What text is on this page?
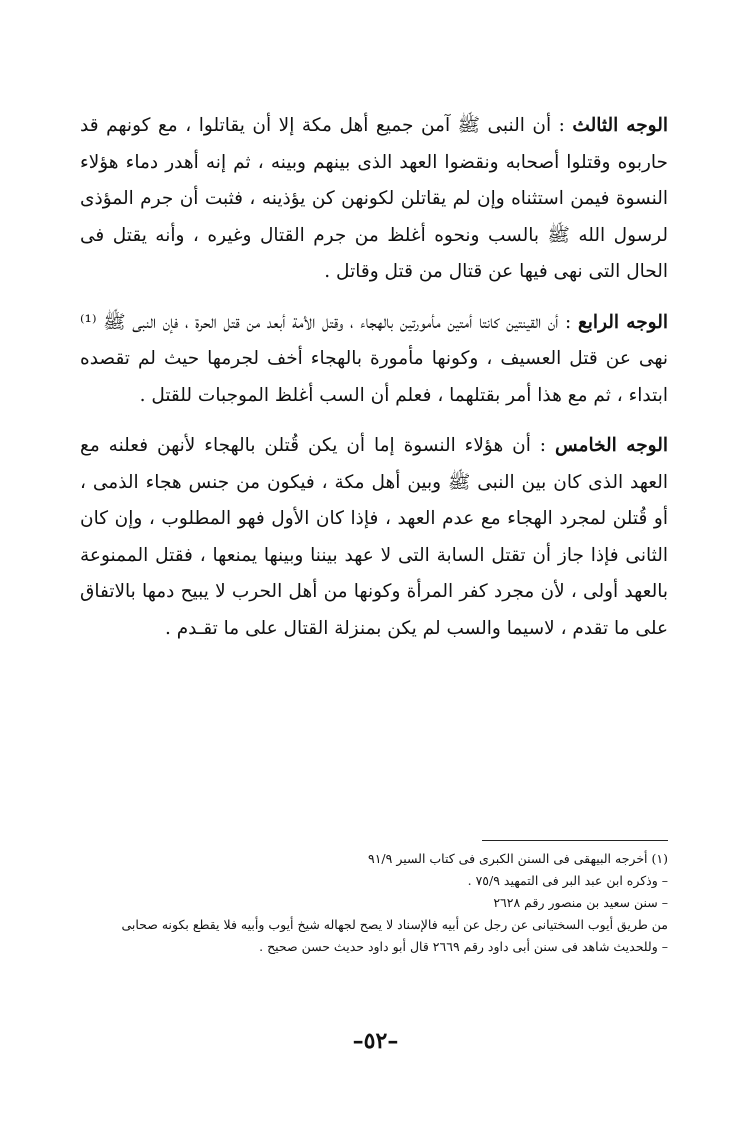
الوجه الثالث : أن النبى ﷺ آمن جميع أهل مكة إلا أن يقاتلوا ، مع كونهم قد حاربوه وقتلوا أصحابه ونقضوا العهد الذى بينهم وبينه ، ثم إنه أهدر دماء هؤلاء النسوة فيمن استثناه وإن لم يقاتلن لكونهن كن يؤذينه ، فثبت أن جرم المؤذى لرسول الله ﷺ بالسب ونحوه أغلظ من جرم القتال وغيره ، وأنه يقتل فى الحال التى نهى فيها عن قتال من قتل وقاتل .

الوجه الرابع : أن القينتين كانتا أمتين مأمورتين بالهجاء ، وقتل الأمة أبعد من قتل الحرة ، فإن النبى ﷺ ⁽¹⁾ نهى عن قتل العسيف ، وكونها مأمورة بالهجاء أخف لجرمها حيث لم تقصده ابتداء ، ثم مع هذا أمر بقتلهما ، فعلم أن السب أغلظ الموجبات للقتل .

الوجه الخامس : أن هؤلاء النسوة إما أن يكن قُتلن بالهجاء لأنهن فعلنه مع العهد الذى كان بين النبى ﷺ وبين أهل مكة ، فيكون من جنس هجاء الذمى ، أو قُتلن لمجرد الهجاء مع عدم العهد ، فإذا كان الأول فهو المطلوب ، وإن كان الثانى فإذا جاز أن تقتل السابة التى لا عهد بيننا وبينها يمنعها ، فقتل الممنوعة بالعهد أولى ، لأن مجرد كفر المرأة وكونها من أهل الحرب لا يبيح دمها بالاتفاق على ما تقدم ، لاسيما والسب لم يكن بمنزلة القتال على ما تقـدم .

(١) أخرجه البيهقى فى السنن الكبرى فى كتاب السير ٩١/٩

– وذكره ابن عبد البر فى التمهيد ٧٥/٩ .

– سنن سعيد بن منصور رقم ٢٦٢٨

من طريق أيوب السختيانى عن رجل عن أبيه فالإسناد لا يصح لجهاله شيخ أيوب وأبيه فلا يقطع بكونه صحابى

– وللحديث شاهد فى سنن أبى داود رقم ٢٦٦٩ قال أبو داود حديث حسن صحيح .

–٥٢–
